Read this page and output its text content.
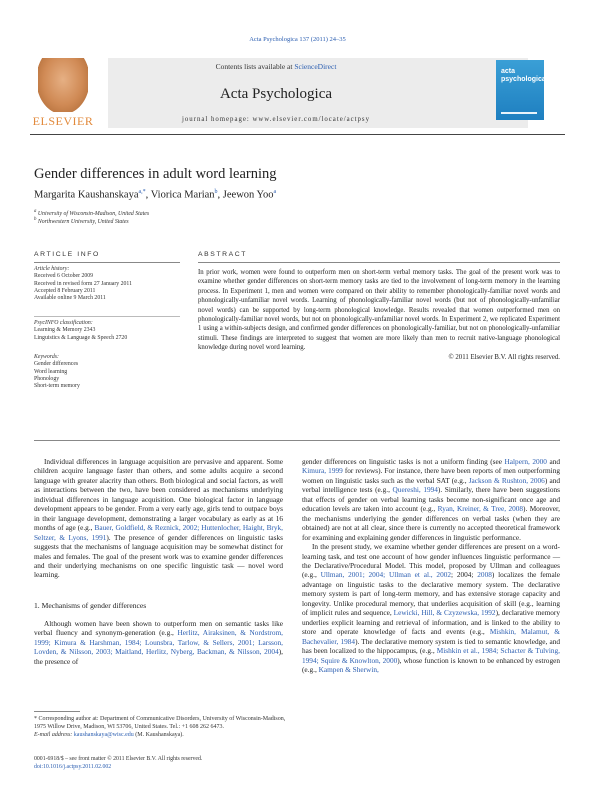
Acta Psychologica 137 (2011) 24–35
ELSEVIER
Contents lists available at ScienceDirect
Acta Psychologica
journal homepage: www.elsevier.com/locate/actpsy
acta psychologica
Gender differences in adult word learning
Margarita Kaushanskaya$^{a,*}$, Viorica Marian$^b$, Jeewon Yoo$^a$
$^a$ University of Wisconsin-Madison, United States
$^b$ Northwestern University, United States
ARTICLE INFO
Article history:
Received 6 October 2009
Received in revised form 27 January 2011
Accepted 8 February 2011
Available online 9 March 2011
PsycINFO classification:
Learning & Memory 2343
Linguistics & Language & Speech 2720
Keywords:
Gender differences
Word learning
Phonology
Short-term memory
ABSTRACT
In prior work, women were found to outperform men on short-term verbal memory tasks. The goal of the present work was to examine whether gender differences on short-term memory tasks are tied to the involvement of long-term memory in the learning process. In Experiment 1, men and women were compared on their ability to remember phonologically-familiar novel words and phonologically-unfamiliar novel words. Learning of phonologically-familiar novel words (but not of phonologically-unfamiliar novel words) can be supported by long-term phonological knowledge. Results revealed that women outperformed men on phonologically-familiar novel words, but not on phonologically-unfamiliar novel words. In Experiment 2, we replicated Experiment 1 using a within-subjects design, and confirmed gender differences on phonologically-familiar, but not on phonologically-unfamiliar stimuli. These findings are interpreted to suggest that women are more likely than men to recruit native-language phonological knowledge during novel word learning.
© 2011 Elsevier B.V. All rights reserved.

Individual differences in language acquisition are pervasive and apparent. Some children acquire language faster than others, and some adults acquire a second language with greater alacrity than others. Both biological and social factors, as well as interactions between the two, have been considered as mechanisms underlying individual differences in language acquisition. One biological factor in language development appears to be gender. From a very early age, girls tend to outpace boys in their language development, demonstrating a larger vocabulary as early as at 16 months of age (e.g., Bauer, Goldfield, & Reznick, 2002; Huttenlocher, Haight, Bryk, Seltzer, & Lyons, 1991). The presence of gender differences on linguistic tasks suggests that the mechanisms of language acquisition may be somewhat distinct for males and females. The goal of the present work was to examine gender differences and their underlying mechanisms on one specific linguistic task — novel word learning.

1. Mechanisms of gender differences

Although women have been shown to outperform men on semantic tasks like verbal fluency and synonym-generation (e.g., Herlitz, Airaksinen, & Nordstrom, 1999; Kimura & Harshman, 1984; Lounsbra, Tarlow, & Sellers, 2001; Larsson, Lovden, & Nilsson, 2003; Maitland, Herlitz, Nyberg, Backman, & Nilsson, 2004), the presence of

gender differences on linguistic tasks is not a uniform finding (see Halpern, 2000 and Kimura, 1999 for reviews). For instance, there have been reports of men outperforming women on linguistic tasks such as the verbal SAT (e.g., Jackson & Rushton, 2006) and verbal intelligence tests (e.g., Quereshi, 1994). Similarly, there have been suggestions that effects of gender on verbal learning tasks become non-significant once age and education levels are taken into account (e.g., Ryan, Kreiner, & Tree, 2008). Moreover, the mechanisms underlying the gender differences on verbal tasks (when they are obtained) are not at all clear, since there is currently no accepted theoretical framework for examining and explaining gender differences in linguistic performance.

In the present study, we examine whether gender differences are present on a word-learning task, and test one account of how gender influences linguistic performance — the Declarative/Procedural Model. This model, proposed by Ullman and colleagues (e.g., Ullman, 2001; 2004; Ullman et al., 2002; 2004; 2008) localizes the female advantage on linguistic tasks to the declarative memory system. The declarative memory system is part of long-term memory, and has extensive storage capacity and longevity. Unlike procedural memory, that underlies acquisition of skill (e.g., learning of implicit rules and sequence, Lewicki, Hill, & Czyzewska, 1992), declarative memory underlies explicit learning and retrieval of information, and is linked to the ability to store and operate knowledge of facts and events (e.g., Mishkin, Malamut, & Bachevalier, 1984). The declarative memory system is tied to semantic knowledge, and has been localized to the hippocampus, (e.g., Mishkin et al., 1984; Schacter & Tulving, 1994; Squire & Knowlton, 2000), whose function is known to be enhanced by estrogen (e.g., Kampen & Sherwin,

* Corresponding author at: Department of Communicative Disorders, University of Wisconsin-Madison, 1975 Willow Drive, Madison, WI 53706, United States. Tel.: +1 608 262 6473.
E-mail address: kaushanskaya@wisc.edu (M. Kaushanskaya).
0001-6918/$ – see front matter © 2011 Elsevier B.V. All rights reserved.
doi:10.1016/j.actpsy.2011.02.002
